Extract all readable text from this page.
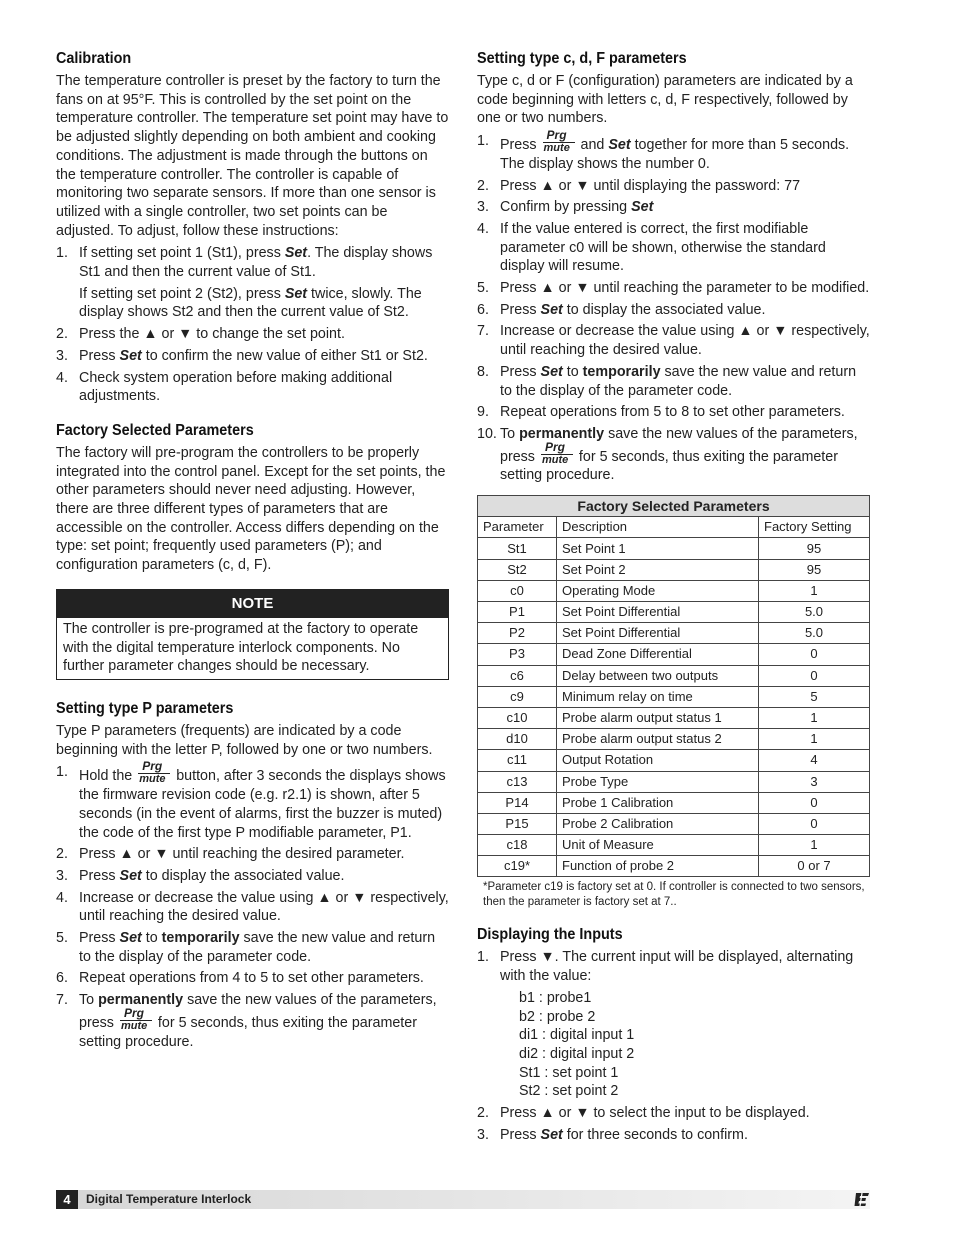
Calibration

The temperature controller is preset by the factory to turn the fans on at 95°F. This is controlled by the set point on the temperature controller. The temperature set point may have to be adjusted slightly depending on both ambient and cooking conditions. The adjustment is made through the buttons on the temperature controller. The controller is capable of monitoring two separate sensors. If more than one sensor is utilized with a single controller, two set points can be adjusted. To adjust, follow these instructions:

1. If setting set point 1 (St1), press Set. The display shows St1 and then the current value of St1.
If setting set point 2 (St2), press Set twice, slowly. The display shows St2 and then the current value of St2.
2. Press the ▲ or ▼ to change the set point.
3. Press Set to confirm the new value of either St1 or St2.
4. Check system operation before making additional adjustments.
Factory Selected Parameters

The factory will pre-program the controllers to be properly integrated into the control panel. Except for the set points, the other parameters should never need adjusting. However, there are three different types of parameters that are accessible on the controller. Access differs depending on the type: set point; frequently used parameters (P); and configuration parameters (c, d, F).

NOTE
The controller is pre-programed at the factory to operate with the digital temperature interlock components. No further parameter changes should be necessary.
Setting type P parameters

Type P parameters (frequents) are indicated by a code beginning with the letter P, followed by one or two numbers.

1. Hold the
Prg
mute button, after 3 seconds the displays shows the firmware revision code (e.g. r2.1) is shown, after 5 seconds (in the event of alarms, first the buzzer is muted) the code of the first type P modifiable parameter, P1.
2. Press ▲ or ▼ until reaching the desired parameter.
3. Press Set to display the associated value.
4. Increase or decrease the value using ▲ or ▼ respectively, until reaching the desired value.
5. Press Set to temporarily save the new value and return to the display of the parameter code.
6. Repeat operations from 4 to 5 to set other parameters.
7. To permanently save the new values of the parameters, press
Prg
mute for 5 seconds, thus exiting the parameter setting procedure.
Setting type c, d, F parameters

Type c, d or F (configuration) parameters are indicated by a code beginning with letters c, d, F respectively, followed by one or two numbers.

1. Press
Prg
mute and Set together for more than 5 seconds. The display shows the number 0.
2. Press ▲ or ▼ until displaying the password: 77
3. Confirm by pressing Set
4. If the value entered is correct, the first modifiable parameter c0 will be shown, otherwise the standard display will resume.
5. Press ▲ or ▼ until reaching the parameter to be modified.
6. Press Set to display the associated value.
7. Increase or decrease the value using ▲ or ▼ respectively, until reaching the desired value.
8. Press Set to temporarily save the new value and return to the display of the parameter code.
9. Repeat operations from 5 to 8 to set other parameters.
10. To permanently save the new values of the parameters, press
Prg
mute for 5 seconds, thus exiting the parameter setting procedure.
Factory Selected Parameters		
Parameter	Description	Factory Setting
St1	Set Point 1	95
St2	Set Point 2	95
c0	Operating Mode	1
P1	Set Point Differential	5.0
P2	Set Point Differential	5.0
P3	Dead Zone Differential	0
c6	Delay between two outputs	0
c9	Minimum relay on time	5
c10	Probe alarm output status 1	1
d10	Probe alarm output status 2	1
c11	Output Rotation	4
c13	Probe Type	3
P14	Probe 1 Calibration	0
P15	Probe 2 Calibration	0
c18	Unit of Measure	1
c19*	Function of probe 2	0 or 7
*Parameter c19 is factory set at 0. If controller is connected to two sensors, then the parameter is factory set at 7..
Displaying the Inputs
1. Press ▼. The current input will be displayed, alternating with the value:
b1 : probe1
b2 : probe 2
di1 : digital input 1
di2 : digital input 2
St1 : set point 1
St2 : set point 2
2. Press ▲ or ▼ to select the input to be displayed.
3. Press Set for three seconds to confirm.
4	Digital Temperature Interlock
